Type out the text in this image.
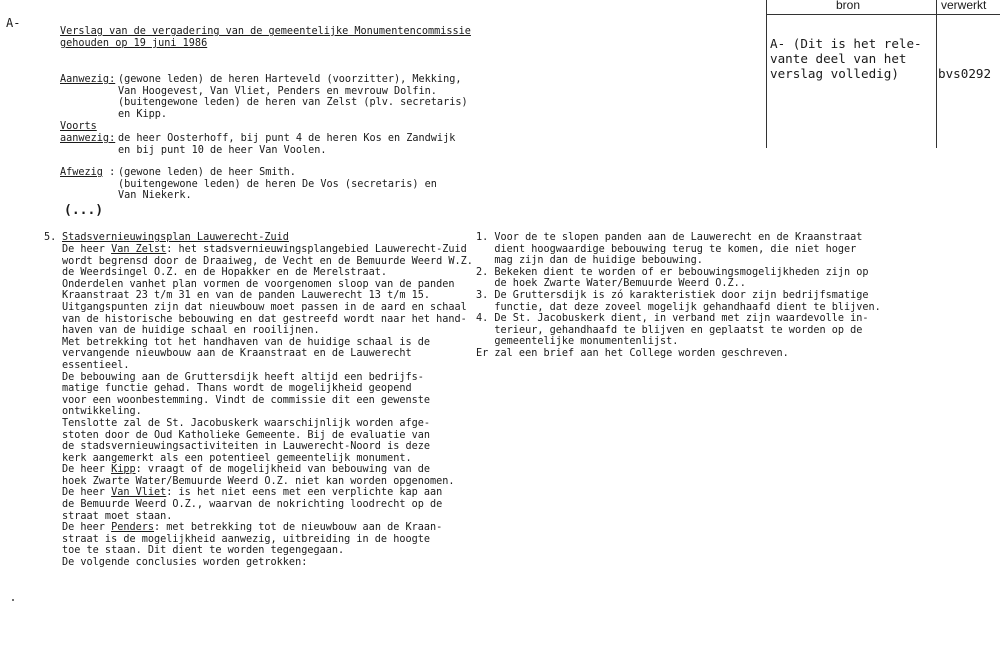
A-
Verslag van de vergadering van de gemeentelijke Monumentencommissie
gehouden op 19 juni 1986
Aanwezig: (gewone leden) de heren Harteveld (voorzitter), Mekking,
Van Hoogevest, Van Vliet, Penders en mevrouw Dolfin.
(buitengewone leden) de heren van Zelst (plv. secretaris)
en Kipp.
Voorts
aanwezig: de heer Oosterhoff, bij punt 4 de heren Kos en Zandwijk
en bij punt 10 de heer Van Voolen.
Afwezig : (gewone leden) de heer Smith.
(buitengewone leden) de heren De Vos (secretaris) en
Van Niekerk.
(...)
bron	verwerkt
A- (Dit is het rele-
vante deel van het
verslag volledig)	bvs0292
5. Stadsvernieuwingsplan Lauwerecht-Zuid
De heer Van Zelst: het stadsvernieuwingsplangebied Lauwerecht-Zuid
wordt begrensd door de Draaiweg, de Vecht en de Bemuurde Weerd W.Z.
de Weerdsingel O.Z. en de Hopakker en de Merelstraat.
Onderdelen vanhet plan vormen de voorgenomen sloop van de panden
Kraanstraat 23 t/m 31 en van de panden Lauwerecht 13 t/m 15.
Uitgangspunten zijn dat nieuwbouw moet passen in de aard en schaal
van de historische bebouwing en dat gestreefd wordt naar het hand-
haven van de huidige schaal en rooilijnen.
Met betrekking tot het handhaven van de huidige schaal is de
vervangende nieuwbouw aan de Kraanstraat en de Lauwerecht
essentieel.
De bebouwing aan de Gruttersdijk heeft altijd een bedrijfs-
matige functie gehad. Thans wordt de mogelijkheid geopend
voor een woonbestemming. Vindt de commissie dit een gewenste
ontwikkeling.
Tenslotte zal de St. Jacobuskerk waarschijnlijk worden afge-
stoten door de Oud Katholieke Gemeente. Bij de evaluatie van
de stadsvernieuwingsactiviteiten in Lauwerecht-Noord is deze
kerk aangemerkt als een potentieel gemeentelijk monument.
De heer Kipp: vraagt of de mogelijkheid van bebouwing van de
hoek Zwarte Water/Bemuurde Weerd O.Z. niet kan worden opgenomen.
De heer Van Vliet: is het niet eens met een verplichte kap aan
de Bemuurde Weerd O.Z., waarvan de nokrichting loodrecht op de
straat moet staan.
De heer Penders: met betrekking tot de nieuwbouw aan de Kraan-
straat is de mogelijkheid aanwezig, uitbreiding in de hoogte
toe te staan. Dit dient te worden tegengegaan.
De volgende conclusies worden getrokken:
1. Voor de te slopen panden aan de Lauwerecht en de Kraanstraat
dient hoogwaardige bebouwing terug te komen, die niet hoger
mag zijn dan de huidige bebouwing.
2. Bekeken dient te worden of er bebouwingsmogelijkheden zijn op
de hoek Zwarte Water/Bemuurde Weerd O.Z..
3. De Gruttersdijk is zó karakteristiek door zijn bedrijfsmatige
functie, dat deze zoveel mogelijk gehandhaafd dient te blijven.
4. De St. Jacobuskerk dient, in verband met zijn waardevolle in-
terieur, gehandhaafd te blijven en geplaatst te worden op de
gemeentelijke monumentenlijst.
Er zal een brief aan het College worden geschreven.
